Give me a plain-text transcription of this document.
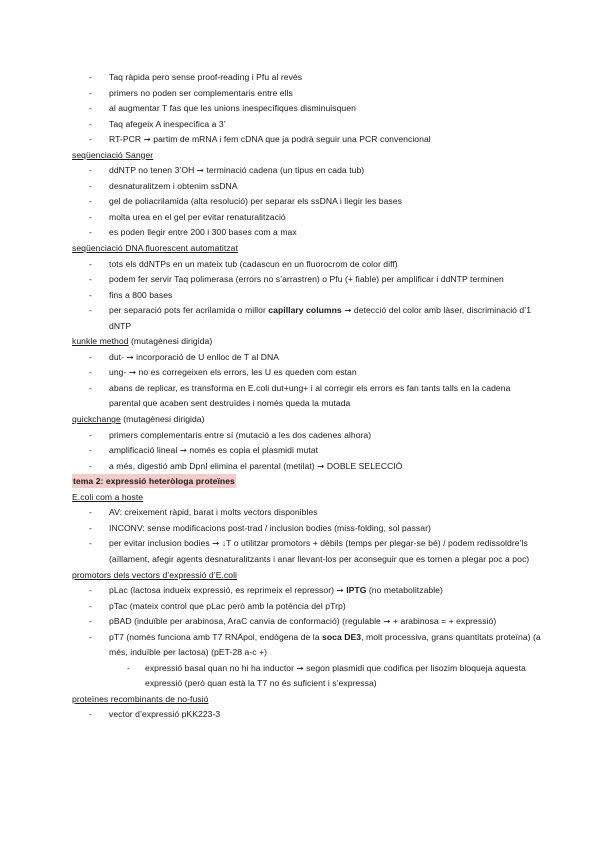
- Taq ràpida pero sense proof-reading i Pfu al revés
- primers no poden ser complementaris entre ells
- al augmentar T fas que les unions inespecífiques disminuisquen
- Taq afegeix A inespecífica a 3’
- RT-PCR ➞ partim de mRNA i fem cDNA que ja podrà seguir una PCR convencional
seqüenciació Sanger
- ddNTP no tenen 3’OH ➞ terminació cadena (un tipus en cada tub)
- desnaturalitzem i obtenim ssDNA
- gel de poliacrilamida (alta resolució) per separar els ssDNA i llegir les bases
- molta urea en el gel per evitar renaturalització
- es poden llegir entre 200 i 300 bases com a max
seqüenciació DNA fluorescent automatitzat
- tots els ddNTPs en un mateix tub (cadascun en un fluorocrom de color diff)
- podem fer servir Taq polimerasa (errors no s’arrastren) o Pfu (+ fiable) per amplificar i ddNTP terminen
- fins a 800 bases
- per separació pots fer acrilamida o millor capillary columns ➞ detecció del color amb làser, discriminació d’1 dNTP
kunkle method (mutagènesi dirigida)
- dut- ➞ incorporació de U enlloc de T al DNA
- ung- ➞ no es corregeixen els errors, les U es queden com estan
- abans de replicar, es transforma en E.coli dut+ung+ i al corregir els errors es fan tants talls en la cadena parental que acaben sent destruïdes i només queda la mutada
quickchange (mutagènesi dirigida)
- primers complementaris entre sí (mutació a les dos cadenes alhora)
- amplificació lineal ➞ només es copia el plasmidi mutat
- a més, digestió amb DpnI elimina el parental (metilat) ➞ DOBLE SELECCIÓ
tema 2: expressió heteròloga proteïnes
E.coli com a hoste
- AV: creixement ràpid, barat i molts vectors disponibles
- INCONV: sense modificacions post-trad / inclusion bodies (miss-folding, sol passar)
- per evitar inclusion bodies ➞ ↓T o utilitzar promotors + dèbils (temps per plegar-se bé) / podem redissoldre’ls (aïllament, afegir agents desnaturalitzants i anar llevant-los per aconseguir que es tornen a plegar poc a poc)
promotors dels vectors d’expressió d’E.coli
- pLac (lactosa indueix expressió, es reprimeix el repressor) ➞ IPTG (no metabolitzable)
- pTac (mateix control que pLac però amb la potència del pTrp)
- pBAD (induïble per arabinosa, AraC canvia de conformació) (regulable ➞ + arabinosa = + expressió)
- pT7 (només funciona amb T7 RNApol, endògena de la soca DE3, molt processiva, grans quantitats proteïna) (a més, induïble per lactosa) (pET-28 a-c +)
- expressió basal quan no hi ha inductor ➞ segon plasmidi que codifica per lisozim bloqueja aquesta expressió (però quan està la T7 no és suficient i s’expressa)
proteïnes recombinants de no-fusió
- vector d’expressió pKK223-3
